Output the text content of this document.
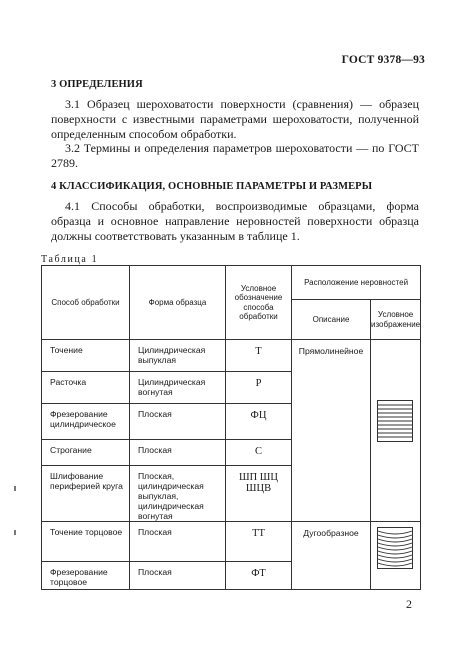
ГОСТ 9378—93
3 ОПРЕДЕЛЕНИЯ
3.1 Образец шероховатости поверхности (сравнения) — образец поверхности с известными параметрами шероховатости, полученной определенным способом обработки.
3.2 Термины и определения параметров шероховатости — по ГОСТ 2789.
4 КЛАССИФИКАЦИЯ, ОСНОВНЫЕ ПАРАМЕТРЫ И РАЗМЕРЫ
4.1 Способы обработки, воспроизводимые образцами, форма образца и основное направление неровностей поверхности образца должны соответствовать указанным в таблице 1.
Таблица 1
Способ обработки	Форма образца	Условное обозначение способа обработки	Расположение неровностей	
			Описание	Условное изображение
Точение	Цилиндрическая выпуклая	Т	Прямолинейное	

Расточка	Цилиндрическая вогнутая	Р		
Фрезерование цилиндрическое	Плоская	ФЦ		
Строгание	Плоская	С		
Шлифование периферией круга	Плоская, цилиндрическая выпуклая, цилиндрическая вогнутая	ШП ШЦ ШЦВ		
Точение торцовое	Плоская	ТТ	Дугообразное	

Фрезерование торцовое	Плоская	ФТ		
2
